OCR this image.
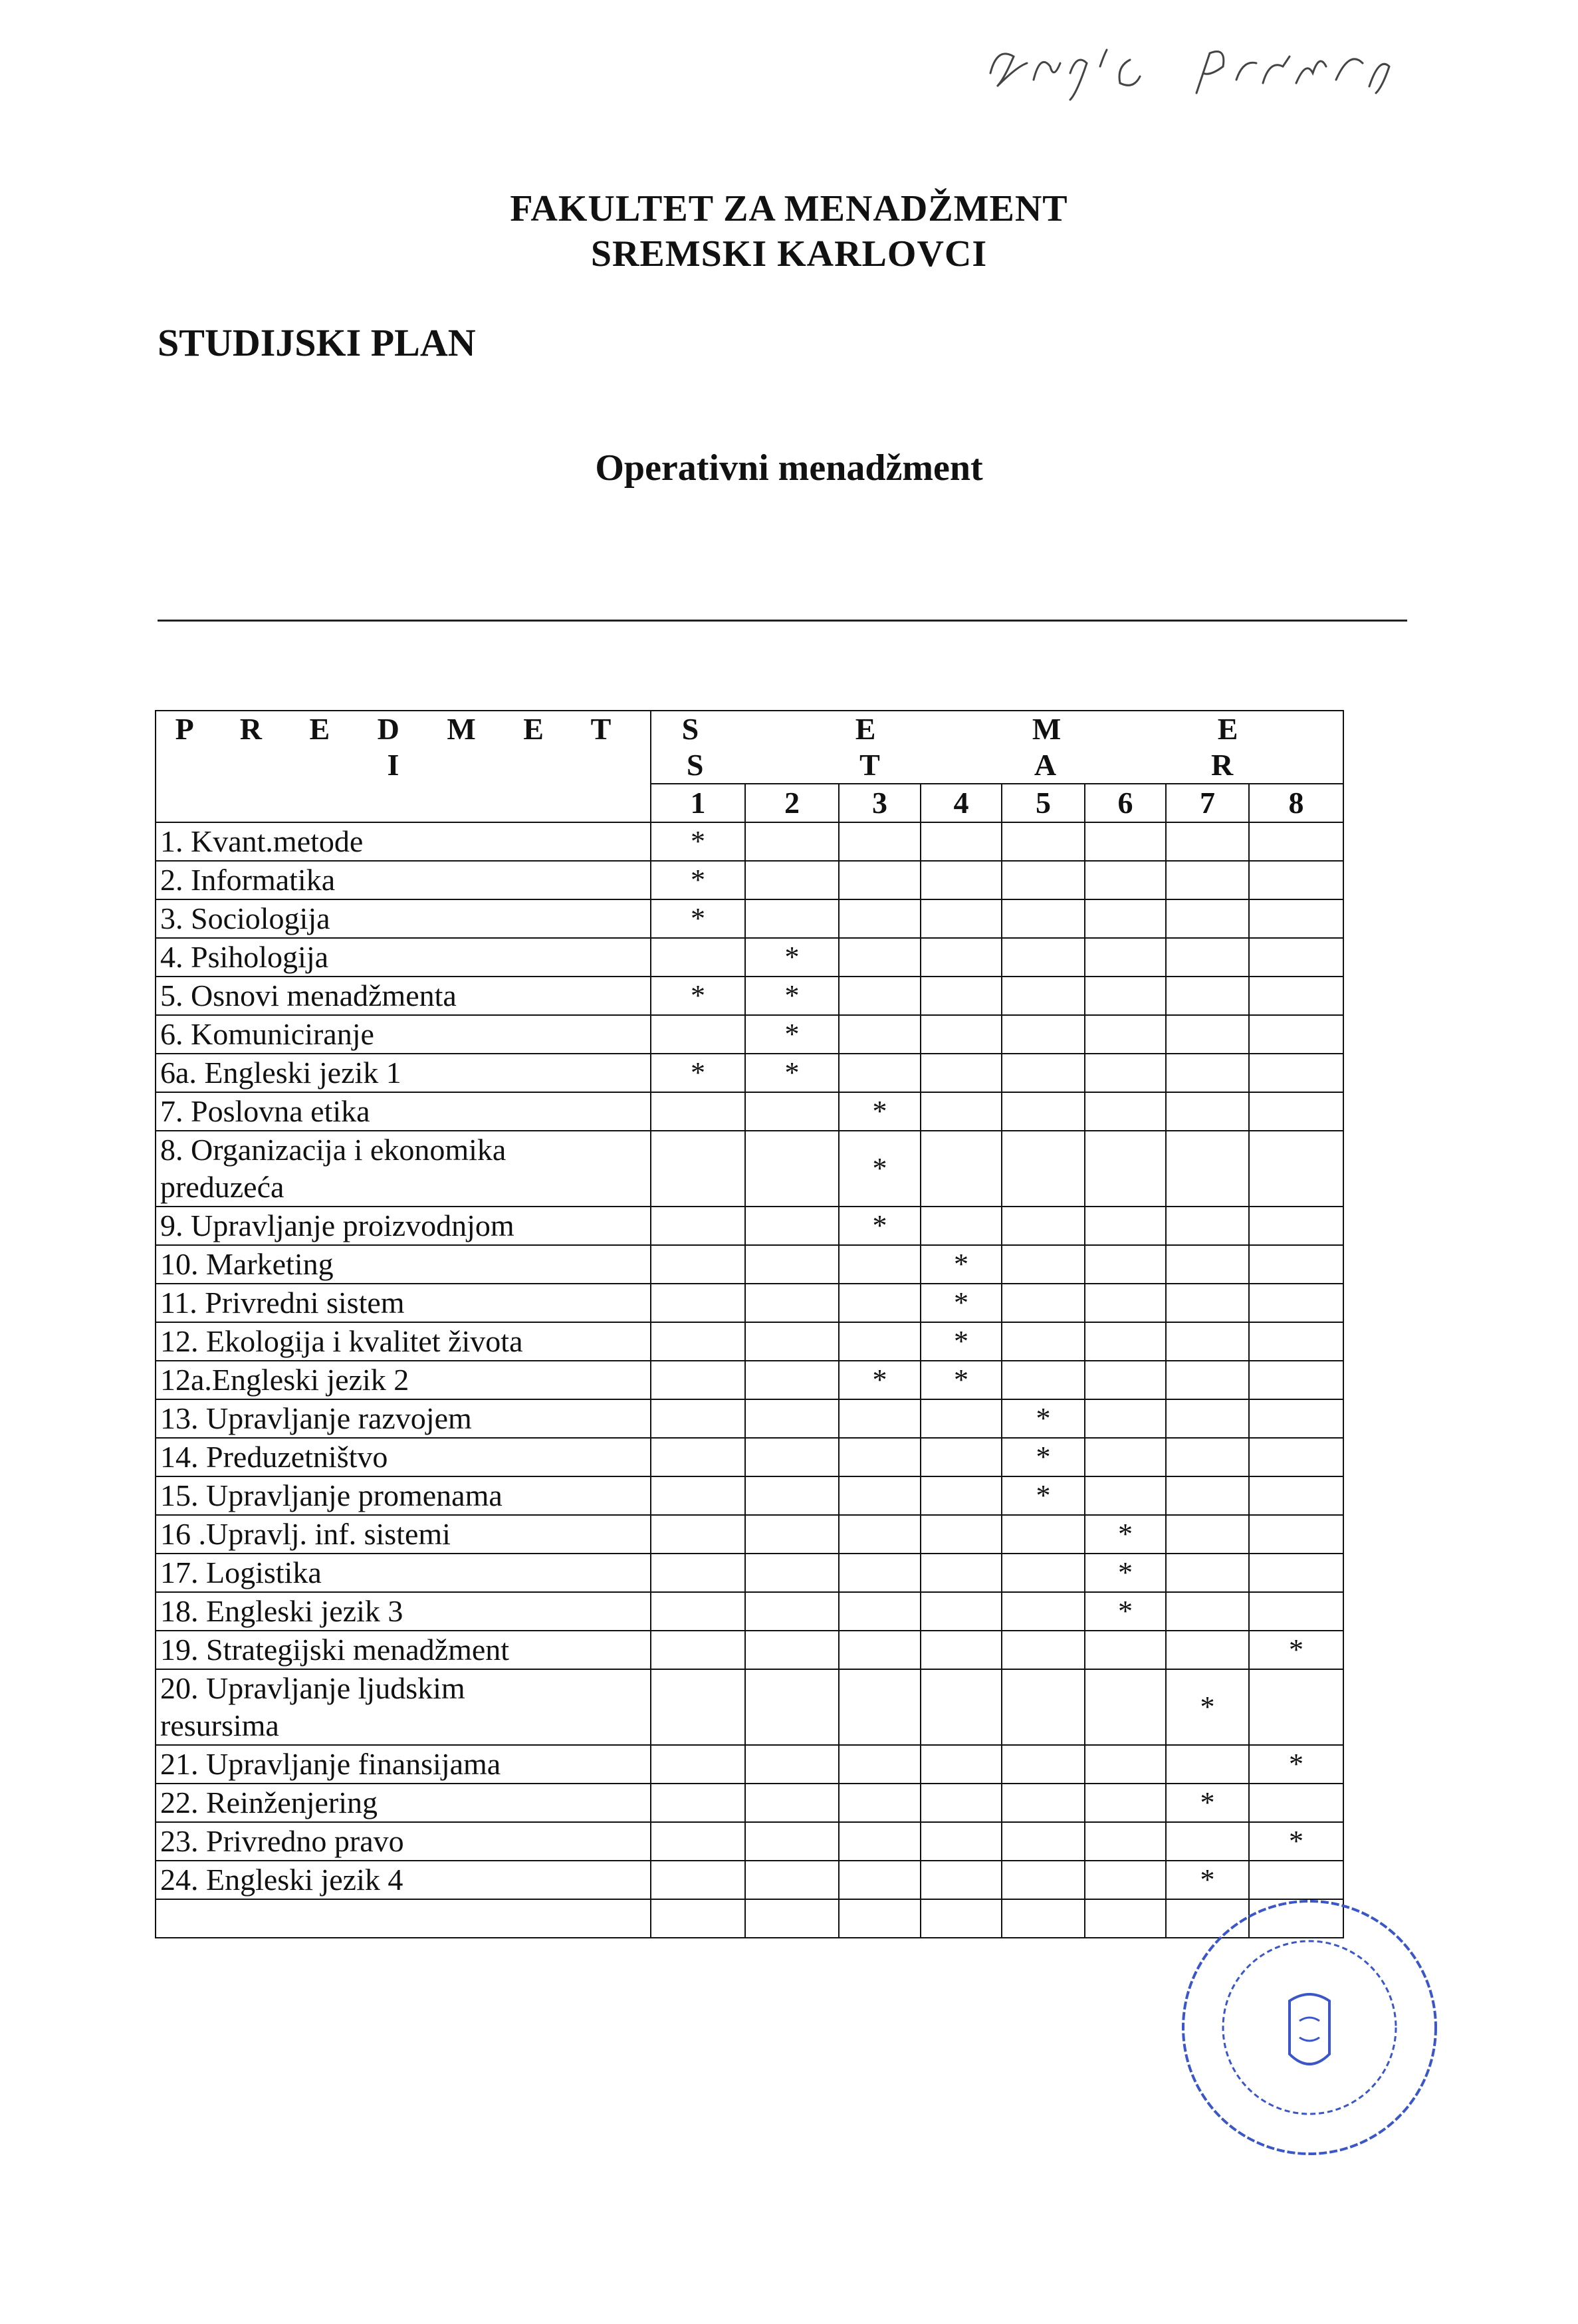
FAKULTET ZA MENADŽMENT
SREMSKI KARLOVCI
STUDIJSKI PLAN
Operativni menadžment
P R E D M E T I	S E M E S T A R							
	1	2	3	4	5	6	7	8
1. Kvant.metode	*							
2. Informatika	*							
3. Sociologija	*							
4. Psihologija		*						
5. Osnovi menadžmenta	*	*						
6. Komuniciranje		*						
6a. Engleski jezik 1	*	*						
7. Poslovna etika			*					
8. Organizacija i ekonomika
preduzeća			*					
9. Upravljanje proizvodnjom			*					
10. Marketing				*				
11. Privredni sistem				*				
12. Ekologija i kvalitet života				*				
12a.Engleski jezik 2			*	*				
13. Upravljanje razvojem					*			
14. Preduzetništvo					*			
15. Upravljanje promenama					*			
16 .Upravlj. inf. sistemi						*		
17. Logistika						*		
18. Engleski jezik 3						*		
19. Strategijski menadžment								*
20. Upravljanje ljudskim
resursima							*	
21. Upravljanje finansijama								*
22. Reinženjering							*	
23. Privredno pravo								*
24. Engleski jezik 4							*	
